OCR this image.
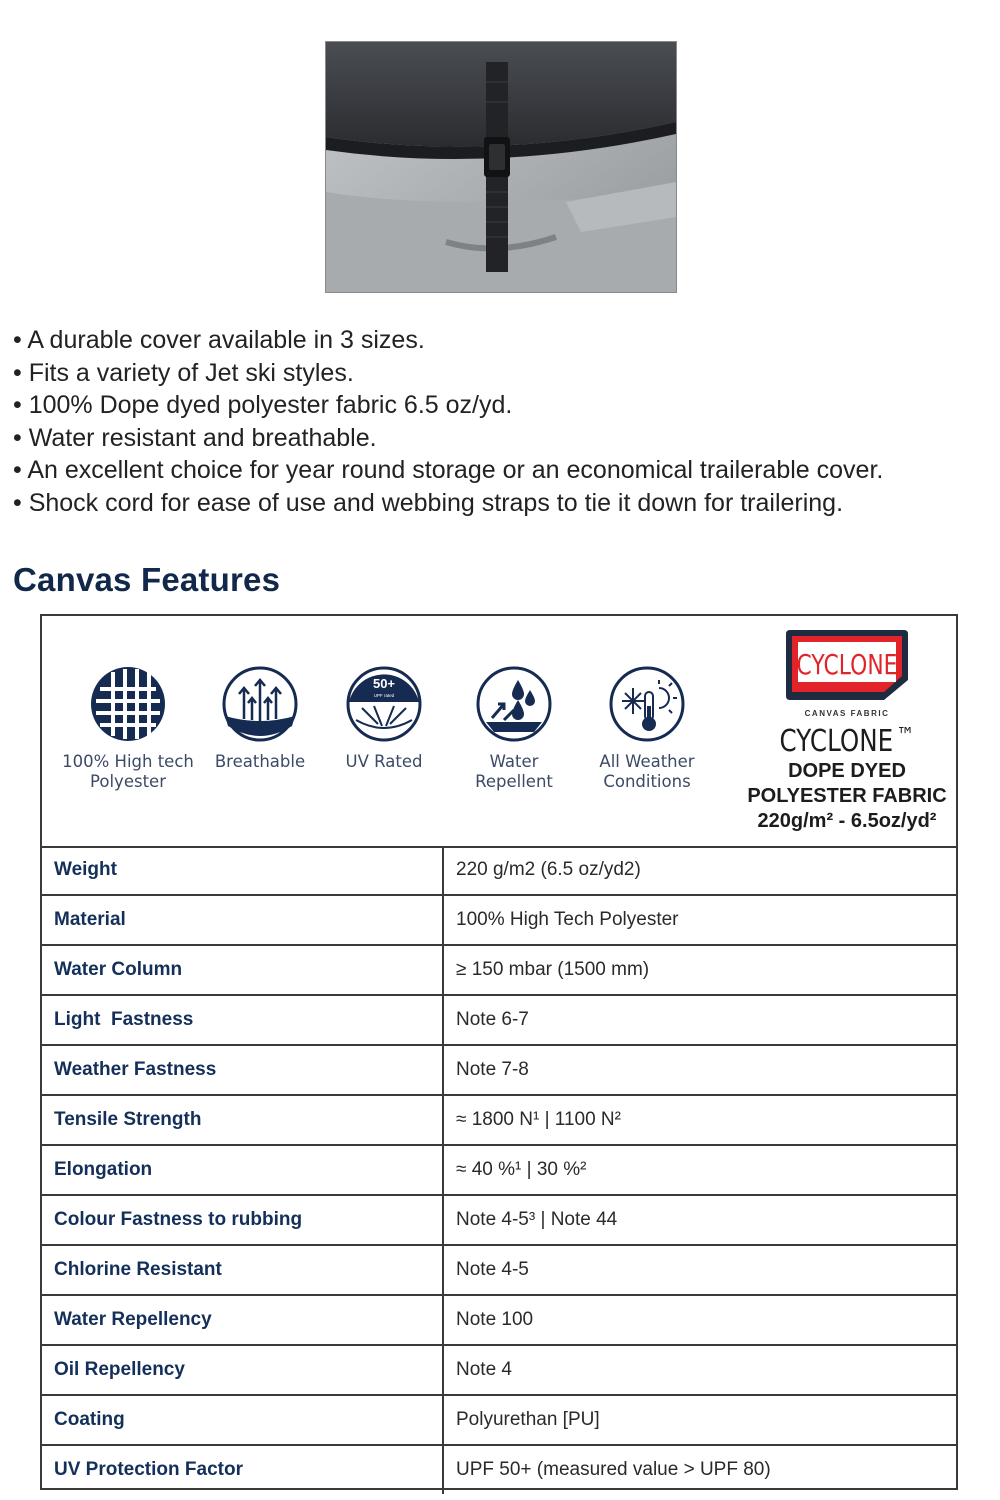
• A durable cover available in 3 sizes.
• Fits a variety of Jet ski styles.
• 100% Dope dyed polyester fabric 6.5 oz/yd.
• Water resistant and breathable.
• An excellent choice for year round storage or an economical trailerable cover.
• Shock cord for ease of use and webbing straps to tie it down for trailering.
Canvas Features
100% High tech
Polyester
Breathable
50+
UPF rated
UV Rated	Water
Repellent
All Weather
Conditions
CYCLONE
CANVAS FABRIC
CYCLONE ™
DOPE DYED
POLYESTER FABRIC
220g/m² - 6.5oz/yd²
Weight	220 g/m2 (6.5 oz/yd2)
Material	100% High Tech Polyester
Water Column	≥ 150 mbar (1500 mm)
Light  Fastness	Note 6-7
Weather Fastness	Note 7-8
Tensile Strength	≈ 1800 N¹ | 1100 N²
Elongation	≈ 40 %¹ | 30 %²
Colour Fastness to rubbing	Note 4-5³ | Note 44
Chlorine Resistant	Note 4-5
Water Repellency	Note 100
Oil Repellency	Note 4
Coating	Polyurethan [PU]
UV Protection Factor	UPF 50+ (measured value > UPF 80)
